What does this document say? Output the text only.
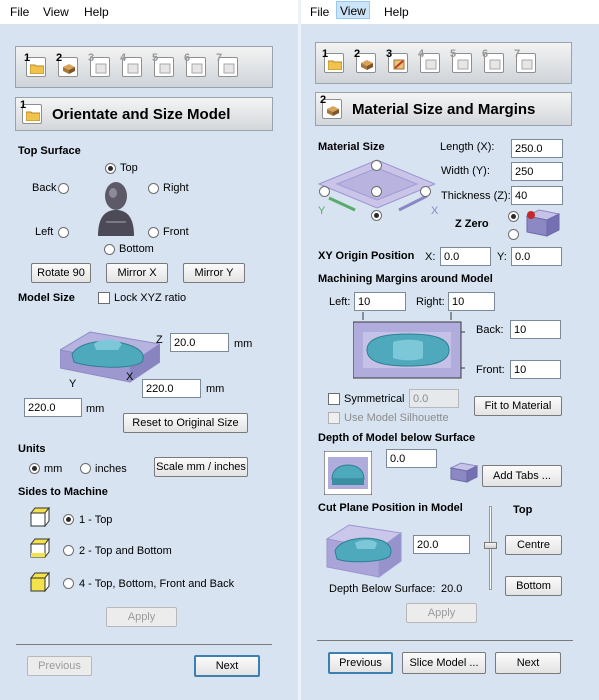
File View Help
1 2 3 4 5 6 7
1
Orientate and Size Model
Top Surface
Top
Back	Right
Left	Front
Bottom
Rotate 90	Mirror X	Mirror Y
Model Size	Lock XYZ ratio
Z
X
Y
20.0
mm
220.0
mm
220.0
mm
Reset to Original Size
Units
mm	inches	Scale mm / inches
Sides to Machine
1 - Top
2 - Top and Bottom
4 - Top, Bottom, Front and Back
Apply
Previous	Next
File View	Help
1 2 3 4 5 6 7
2
Material Size and Margins
Material Size
Y	X
Length (X):
250.0
Width (Y):
250
Thickness (Z):
40
Z Zero
XY Origin Position X:
0.0	Y:
0.0
Machining Margins around Model
Left:
10	Right:
10
Back:
10
Front:
10
Symmetrical
0.0
Use Model Silhouette
Fit to Material
Depth of Model below Surface
0.0
Add Tabs ...
Cut Plane Position in Model
20.0
Depth Below Surface: 20.0
Top
Centre
Bottom
Apply
Previous	Slice Model ...	Next
